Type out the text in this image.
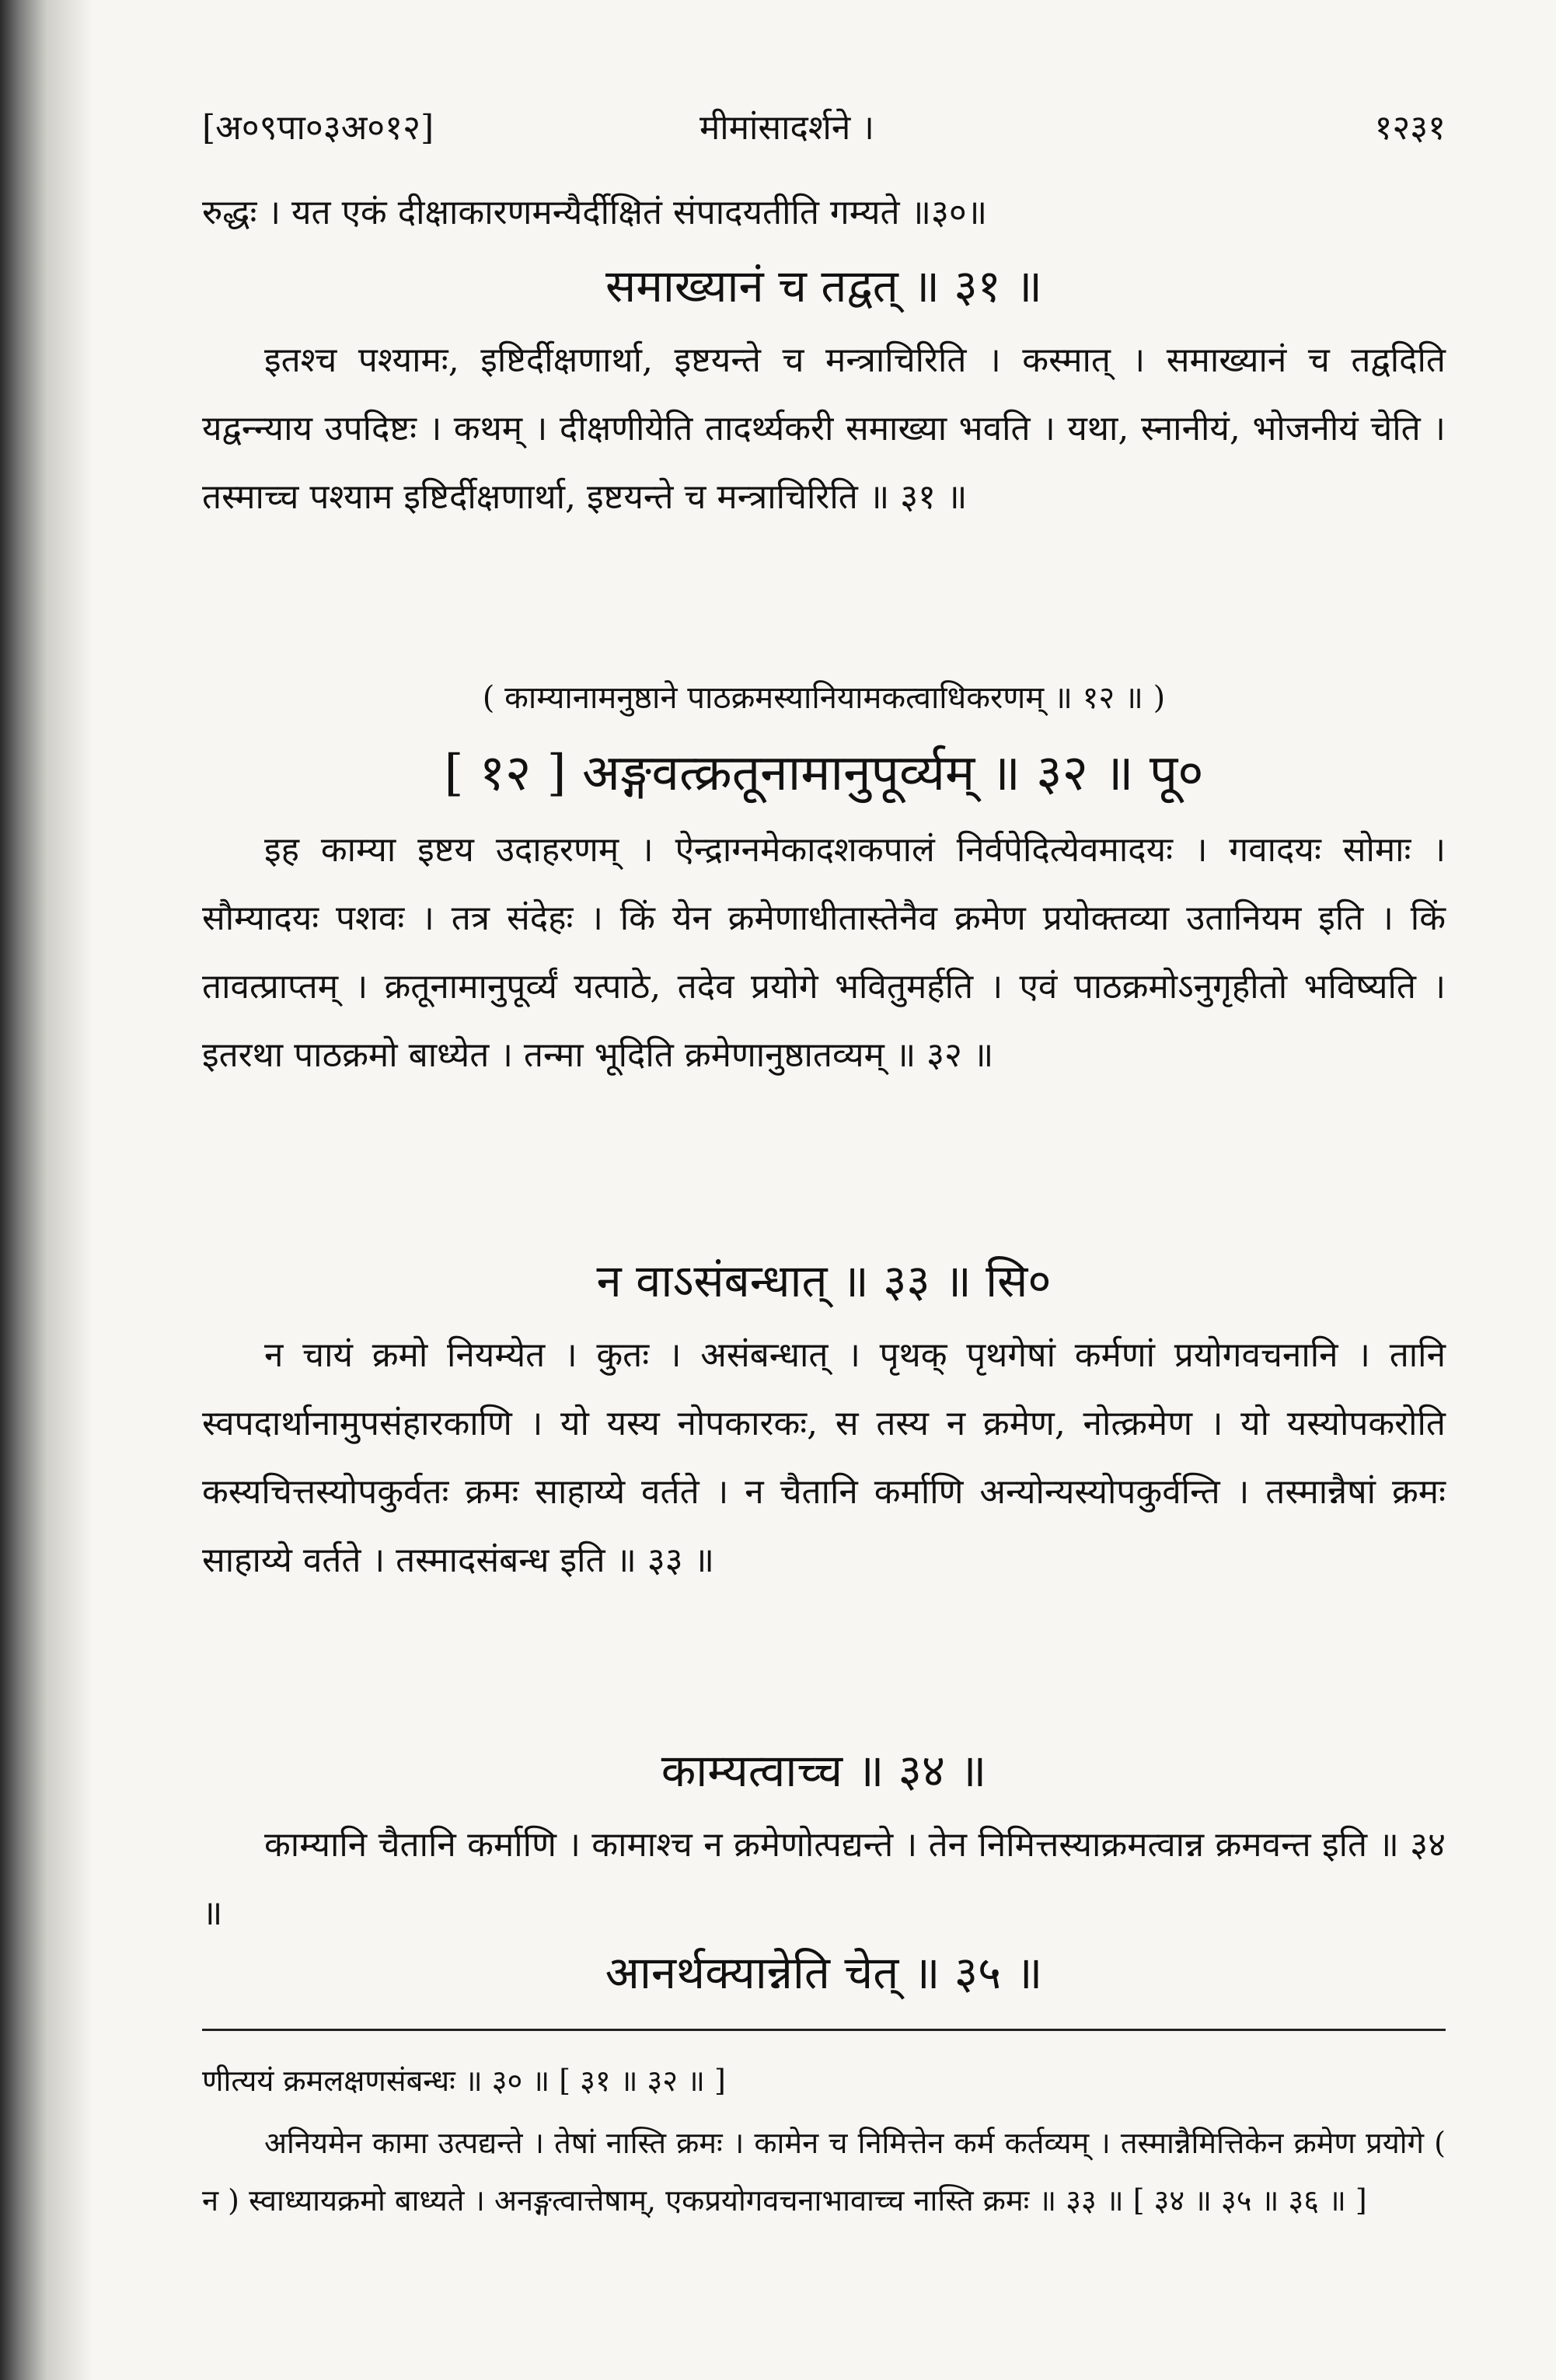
[अ०९पा०३अ०१२]	मीमांसादर्शने ।	१२३१
रुद्धः । यत एकं दीक्षाकारणमन्यैर्दीक्षितं संपादयतीति गम्यते ॥३०॥
समाख्यानं च तद्वत् ॥ ३१ ॥
इतश्च पश्यामः, इष्टिर्दीक्षणार्था, इष्टयन्ते च मन्त्राचिरिति । कस्मात् । समाख्यानं च तद्वदिति यद्वन्न्याय उपदिष्टः । कथम् । दीक्षणीयेति तादर्थ्यकरी समाख्या भवति । यथा, स्नानीयं, भोजनीयं चेति । तस्माच्च पश्याम इष्टिर्दीक्षणार्था, इष्टयन्ते च मन्त्राचिरिति ॥ ३१ ॥
( काम्यानामनुष्ठाने पाठक्रमस्यानियामकत्वाधिकरणम् ॥ १२ ॥ )
[ १२ ] अङ्गवत्क्रतूनामानुपूर्व्यम् ॥ ३२ ॥ पू०
इह काम्या इष्टय उदाहरणम् । ऐन्द्राग्नमेकादशकपालं निर्वपेदित्येवमादयः । गवादयः सोमाः । सौम्यादयः पशवः । तत्र संदेहः । किं येन क्रमेणाधीतास्तेनैव क्रमेण प्रयोक्तव्या उतानियम इति । किं तावत्प्राप्तम् । क्रतूनामानुपूर्व्यं यत्पाठे, तदेव प्रयोगे भवितुमर्हति । एवं पाठक्रमोऽनुगृहीतो भविष्यति । इतरथा पाठक्रमो बाध्येत । तन्मा भूदिति क्रमेणानुष्ठातव्यम् ॥ ३२ ॥
न वाऽसंबन्धात् ॥ ३३ ॥ सि०
न चायं क्रमो नियम्येत । कुतः । असंबन्धात् । पृथक् पृथगेषां कर्मणां प्रयोगवचनानि । तानि स्वपदार्थानामुपसंहारकाणि । यो यस्य नोपकारकः, स तस्य न क्रमेण, नोत्क्रमेण । यो यस्योपकरोति कस्यचित्तस्योपकुर्वतः क्रमः साहाय्ये वर्तते । न चैतानि कर्माणि अन्योन्यस्योपकुर्वन्ति । तस्मान्नैषां क्रमः साहाय्ये वर्तते । तस्मादसंबन्ध इति ॥ ३३ ॥
काम्यत्वाच्च ॥ ३४ ॥
काम्यानि चैतानि कर्माणि । कामाश्च न क्रमेणोत्पद्यन्ते । तेन निमित्तस्याक्रमत्वान्न क्रमवन्त इति ॥ ३४ ॥
आनर्थक्यान्नेति चेत् ॥ ३५ ॥
णीत्ययं क्रमलक्षणसंबन्धः ॥ ३० ॥ [ ३१ ॥ ३२ ॥ ]
अनियमेन कामा उत्पद्यन्ते । तेषां नास्ति क्रमः । कामेन च निमित्तेन कर्म कर्तव्यम् । तस्मान्नैमित्तिकेन क्रमेण प्रयोगे ( न ) स्वाध्यायक्रमो बाध्यते । अनङ्गत्वात्तेषाम्, एकप्रयोगवचनाभावाच्च नास्ति क्रमः ॥ ३३ ॥ [ ३४ ॥ ३५ ॥ ३६ ॥ ]
